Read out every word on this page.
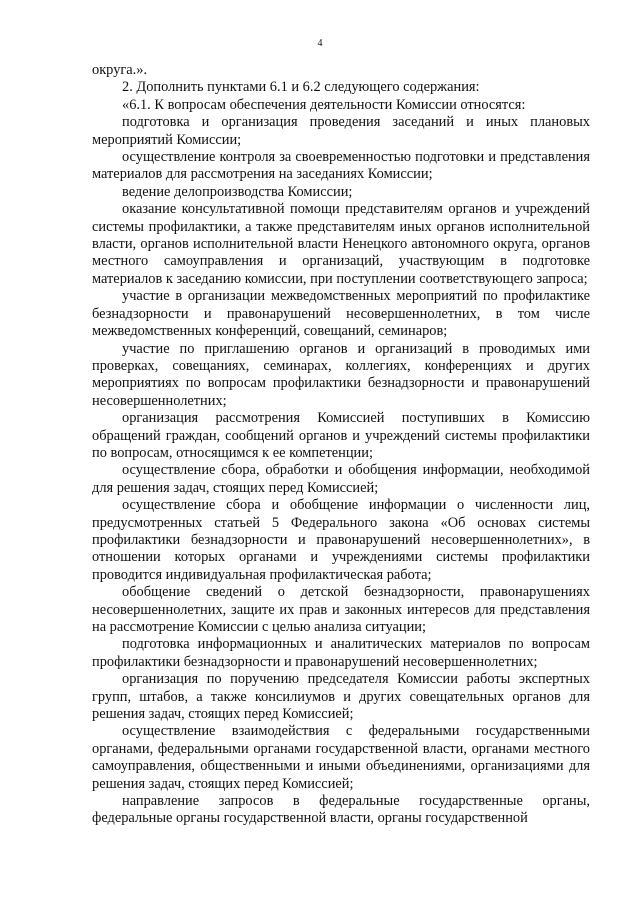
4

округа.».

2. Дополнить пунктами 6.1 и 6.2 следующего содержания:

«6.1. К вопросам обеспечения деятельности Комиссии относятся:

подготовка и организация проведения заседаний и иных плановых мероприятий Комиссии;

осуществление контроля за своевременностью подготовки и представления материалов для рассмотрения на заседаниях Комиссии;

ведение делопроизводства Комиссии;

оказание консультативной помощи представителям органов и учреждений системы профилактики, а также представителям иных органов исполнительной власти, органов исполнительной власти Ненецкого автономного округа, органов местного самоуправления и организаций, участвующим в подготовке материалов к заседанию комиссии, при поступлении соответствующего запроса;

участие в организации межведомственных мероприятий по профилактике безнадзорности и правонарушений несовершеннолетних, в том числе межведомственных конференций, совещаний, семинаров;

участие по приглашению органов и организаций в проводимых ими проверках, совещаниях, семинарах, коллегиях, конференциях и других мероприятиях по вопросам профилактики безнадзорности и правонарушений несовершеннолетних;

организация рассмотрения Комиссией поступивших в Комиссию обращений граждан, сообщений органов и учреждений системы профилактики по вопросам, относящимся к ее компетенции;

осуществление сбора, обработки и обобщения информации, необходимой для решения задач, стоящих перед Комиссией;

осуществление сбора и обобщение информации о численности лиц, предусмотренных статьей 5 Федерального закона «Об основах системы профилактики безнадзорности и правонарушений несовершеннолетних», в отношении которых органами и учреждениями системы профилактики проводится индивидуальная профилактическая работа;

обобщение сведений о детской безнадзорности, правонарушениях несовершеннолетних, защите их прав и законных интересов для представления на рассмотрение Комиссии с целью анализа ситуации;

подготовка информационных и аналитических материалов по вопросам профилактики безнадзорности и правонарушений несовершеннолетних;

организация по поручению председателя Комиссии работы экспертных групп, штабов, а также консилиумов и других совещательных органов для решения задач, стоящих перед Комиссией;

осуществление взаимодействия с федеральными государственными органами, федеральными органами государственной власти, органами местного самоуправления, общественными и иными объединениями, организациями для решения задач, стоящих перед Комиссией;

направление запросов в федеральные государственные органы, федеральные органы государственной власти, органы государственной
